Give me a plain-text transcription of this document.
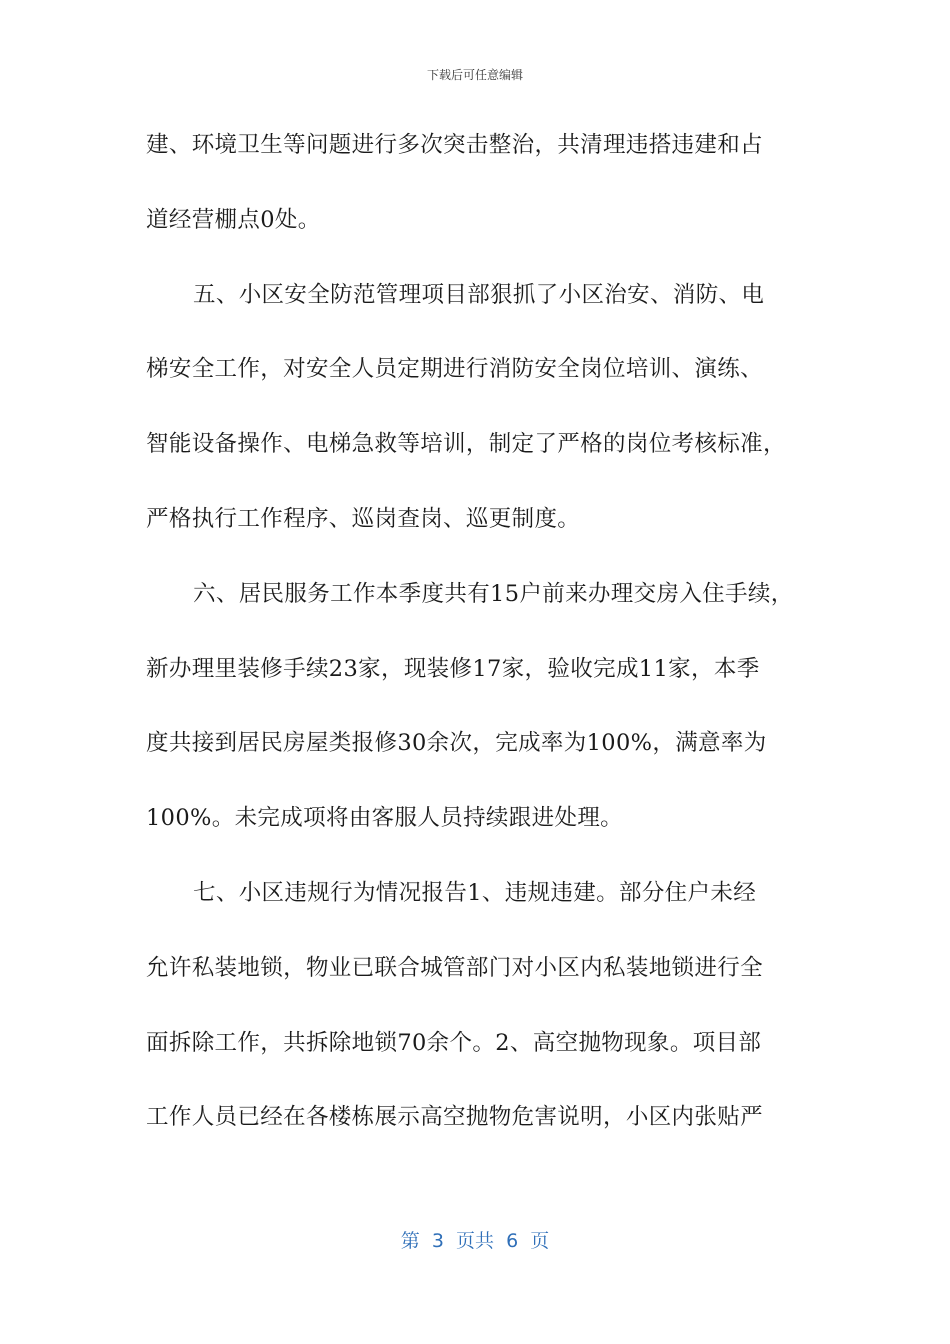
下载后可任意编辑
建、环境卫生等问题进行多次突击整治，共清理违搭违建和占
道经营棚点0处。
五、小区安全防范管理项目部狠抓了小区治安、消防、电
梯安全工作，对安全人员定期进行消防安全岗位培训、演练、
智能设备操作、电梯急救等培训，制定了严格的岗位考核标准，
严格执行工作程序、巡岗查岗、巡更制度。
六、居民服务工作本季度共有15户前来办理交房入住手续，
新办理里装修手续23家，现装修17家，验收完成11家，本季
度共接到居民房屋类报修30余次，完成率为100%，满意率为
100%。未完成项将由客服人员持续跟进处理。
七、小区违规行为情况报告1、违规违建。部分住户未经
允许私装地锁，物业已联合城管部门对小区内私装地锁进行全
面拆除工作，共拆除地锁70余个。2、高空抛物现象。项目部
工作人员已经在各楼栋展示高空抛物危害说明，小区内张贴严
第  3  页共  6  页
